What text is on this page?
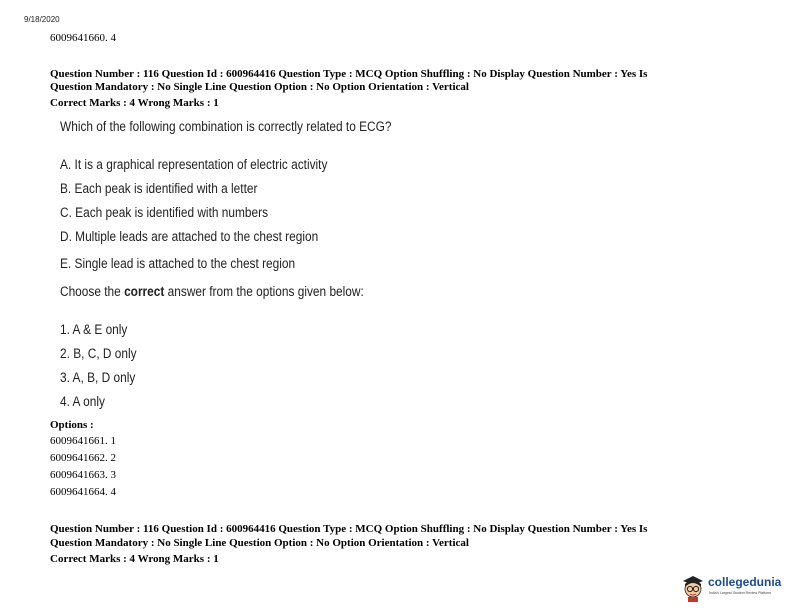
9/18/2020
6009641660. 4
Question Number : 116 Question Id : 600964416 Question Type : MCQ Option Shuffling : No Display Question Number : Yes Is
Question Mandatory : No Single Line Question Option : No Option Orientation : Vertical
Correct Marks : 4 Wrong Marks : 1
Which of the following combination is correctly related to ECG?
A. It is a graphical representation of electric activity
B. Each peak is identified with a letter
C. Each peak is identified with numbers
D. Multiple leads are attached to the chest region
E. Single lead is attached to the chest region
Choose the correct answer from the options given below:
1. A & E only
2. B, C, D only
3. A, B, D only
4. A only
Options :
6009641661. 1
6009641662. 2
6009641663. 3
6009641664. 4
Question Number : 116 Question Id : 600964416 Question Type : MCQ Option Shuffling : No Display Question Number : Yes Is
Question Mandatory : No Single Line Question Option : No Option Orientation : Vertical
Correct Marks : 4 Wrong Marks : 1
collegedunia
India's Largest Student Review Platform
